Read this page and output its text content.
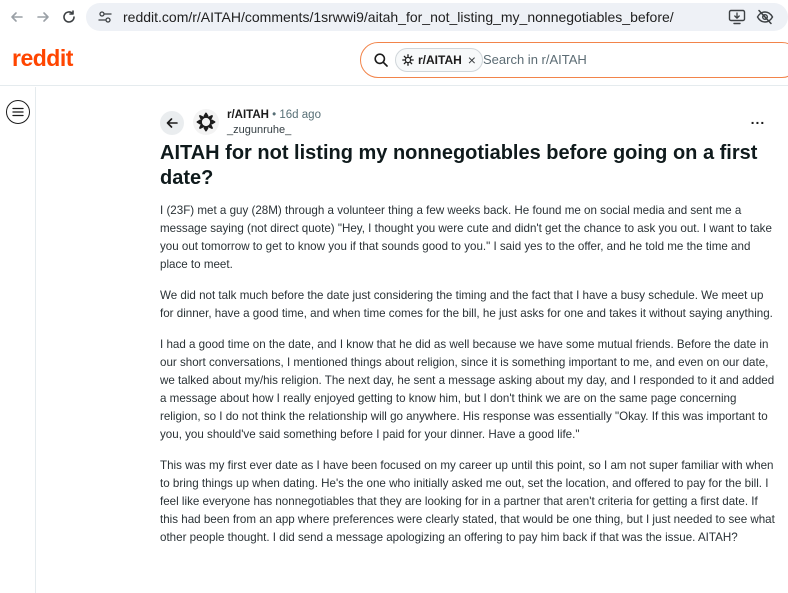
reddit.com/r/AITAH/comments/1srwwi9/aitah_for_not_listing_my_nonnegotiables_before/
reddit	r/AITAH × Search in r/AITAH
r/AITAH • 16d ago
_zugunruhe_
...
AITAH for not listing my nonnegotiables before going on a first date?

I (23F) met a guy (28M) through a volunteer thing a few weeks back. He found me on social media and sent me a message saying (not direct quote) "Hey, I thought you were cute and didn't get the chance to ask you out. I want to take you out tomorrow to get to know you if that sounds good to you." I said yes to the offer, and he told me the time and place to meet.

We did not talk much before the date just considering the timing and the fact that I have a busy schedule. We meet up for dinner, have a good time, and when time comes for the bill, he just asks for one and takes it without saying anything.

I had a good time on the date, and I know that he did as well because we have some mutual friends. Before the date in our short conversations, I mentioned things about religion, since it is something important to me, and even on our date, we talked about my/his religion. The next day, he sent a message asking about my day, and I responded to it and added a message about how I really enjoyed getting to know him, but I don't think we are on the same page concerning religion, so I do not think the relationship will go anywhere. His response was essentially "Okay. If this was important to you, you should've said something before I paid for your dinner. Have a good life."

This was my first ever date as I have been focused on my career up until this point, so I am not super familiar with when to bring things up when dating. He's the one who initially asked me out, set the location, and offered to pay for the bill. I feel like everyone has nonnegotiables that they are looking for in a partner that aren't criteria for getting a first date. If this had been from an app where preferences were clearly stated, that would be one thing, but I just needed to see what other people thought. I did send a message apologizing an offering to pay him back if that was the issue. AITAH?
